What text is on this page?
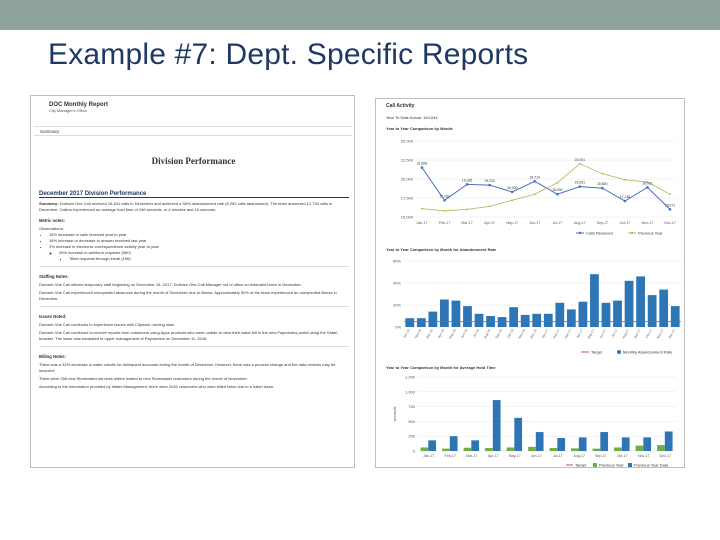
Example #7: Dept. Specific Reports
DOC Monthly Report
City Manager's Office
Summary
Division Performance
December 2017 Division Performance

Summary: Durham One Call received 16,841 calls in December and achieved a 38% abandonment rate (6,292 calls abandoned). The team answered 12,739 calls in December. Callers experienced an average hold time of 246 seconds, or 4 minutes and 15 seconds.

Metric notes:

Observations:

• 15% decrease in calls received year to year
• 16% increase or decrease to answer received last year
• 3% increase in electronic correspondence activity year to year
◦ 26% increase in webform requests (960)
▪ Tilled requests through email (156)
Staffing Notes:

Durham One Call utilized temporary staff beginning on December 18, 2017. Durham One Call Manager out of office on extended leave in December.

Durham One Call experienced unexpected absences during the month of December due to illness. Approximately 50% of the team experienced an unexpected illness in December.

Issues Noted:

Durham One Call continues to experience issues with Citywork running slow.

Durham One Call continued to receive reports from customers using Apps products who were unable to view their water bill in the new Paymentus portal using the Safari browser. The issue was escalated to upper management of Paymentus on December 11, 2018.

Billing Notes:

There was a 32% decrease in water cutoffs for delinquent accounts during the month of December. However, there was a process change and the data reviews may be incorrect.

There were 256 new Stormwater services letters mailed to new Stormwater customers during the month of November.

According to the information provided by Water Management, there were 2040 customers who were billed twice due to a batch issue.

Call Activity
Year To Date Actual: 164,044
Year to Year Comparison by Month:
25,000
22,500
20,000
17,500
15,000
Jan-17	Feb-17	Mar-17	Apr-17	May-17	Jun-17	Jul-17	Aug-17	Sep-17	Oct-17	Nov-17	Dec-17
21,608
17,183
19,335	19,232
18,300
19,714
18,000
19,051	18,800
17,136
18,931
16,071
22,051
Calls Received	Previous Year
Year to Year Comparison by Month for Abandonment Rate
60%
40%
20%
0%
Jan-16 Feb-16 Mar-16 Apr-16 May-16 Jun-16 Jul-16 Aug-16 Sep-16 Oct-16 Nov-16 Dec-16 Jan-17 Feb-17 Mar-17 Apr-17 May-17 Jun-17 Jul-17 Aug-17 Sep-17 Oct-17 Nov-17 Dec-17
Target	Monthly Abandonment Rate
Year to Year Comparison by Month for Average Hold Time
1,250
1,000
750
500
250
0
seconds
Jan-17	Feb-17	Mar-17	Apr-17	May-17	Jun-17	Jul-17	Aug-17	Sep-17	Oct-17	Nov-17	Dec-17
Target	Previous Year	Previous Year Data
